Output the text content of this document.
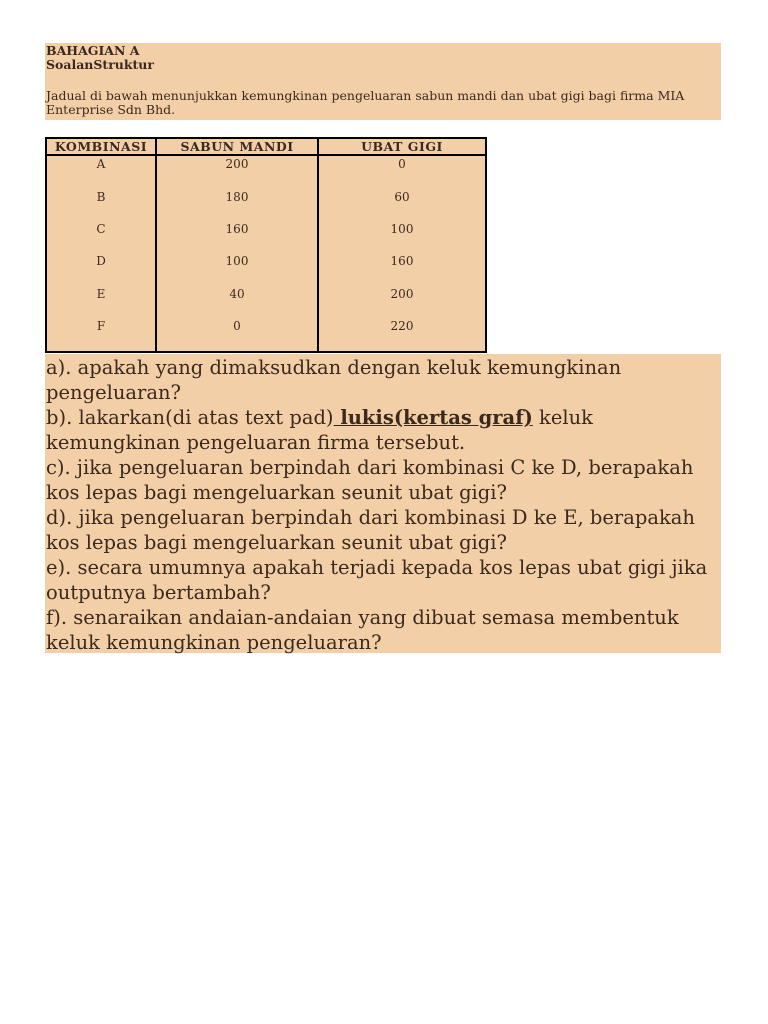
BAHAGIAN A
SoalanStruktur
Jadual di bawah menunjukkan kemungkinan pengeluaran sabun mandi dan ubat gigi bagi firma MIA Enterprise Sdn Bhd.
KOMBINASI	SABUN MANDI	UBAT GIGI
A	200	0
B	180	60
C	160	100
D	100	160
E	40	200
F	0	220
a). apakah yang dimaksudkan dengan keluk kemungkinan pengeluaran?
b). lakarkan(di atas text pad) lukis(kertas graf) keluk kemungkinan pengeluaran firma tersebut.
c). jika pengeluaran berpindah dari kombinasi C ke D, berapakah kos lepas bagi mengeluarkan seunit ubat gigi?
d). jika pengeluaran berpindah dari kombinasi D ke E, berapakah kos lepas bagi mengeluarkan seunit ubat gigi?
e). secara umumnya apakah terjadi kepada kos lepas ubat gigi jika outputnya bertambah?
f). senaraikan andaian-andaian yang dibuat semasa membentuk keluk kemungkinan pengeluaran?
